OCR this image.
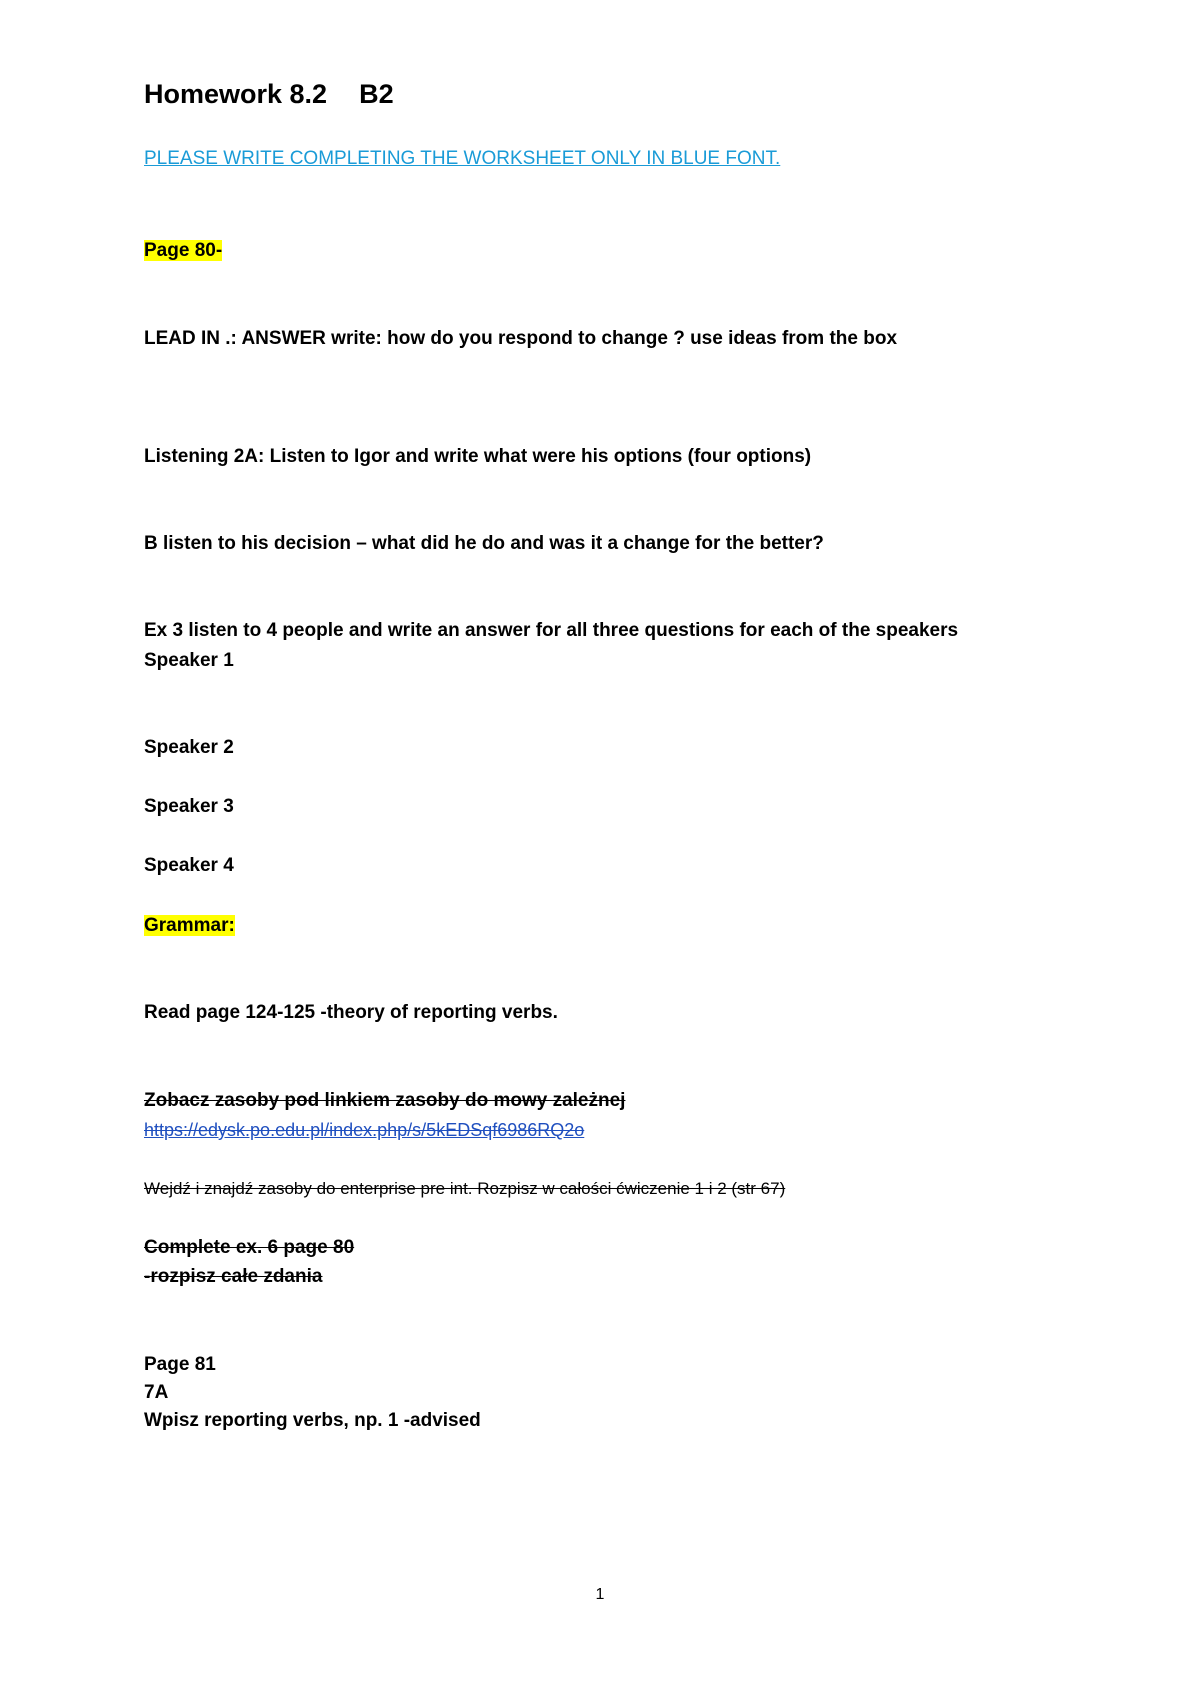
Homework 8.2 B2
PLEASE WRITE COMPLETING THE WORKSHEET ONLY IN BLUE FONT.
Page 80-
LEAD IN .: ANSWER write: how do you respond to change ? use ideas from the box
Listening 2A: Listen to Igor and write what were his options (four options)
B listen to his decision – what did he do and was it a change for the better?
Ex 3 listen to 4 people and write an answer for all three questions for each of the speakers
Speaker 1
Speaker 2
Speaker 3
Speaker 4
Grammar:
Read page 124-125 -theory of reporting verbs.
Zobacz zasoby pod linkiem zasoby do mowy zależnej
https://edysk.po.edu.pl/index.php/s/5kEDSqf6986RQ2o
Wejdź i znajdź zasoby do enterprise pre int. Rozpisz w całości ćwiczenie 1 i 2 (str 67)
Complete ex. 6 page 80
-rozpisz całe zdania
Page 81
7A
Wpisz reporting verbs, np. 1 -advised
1
